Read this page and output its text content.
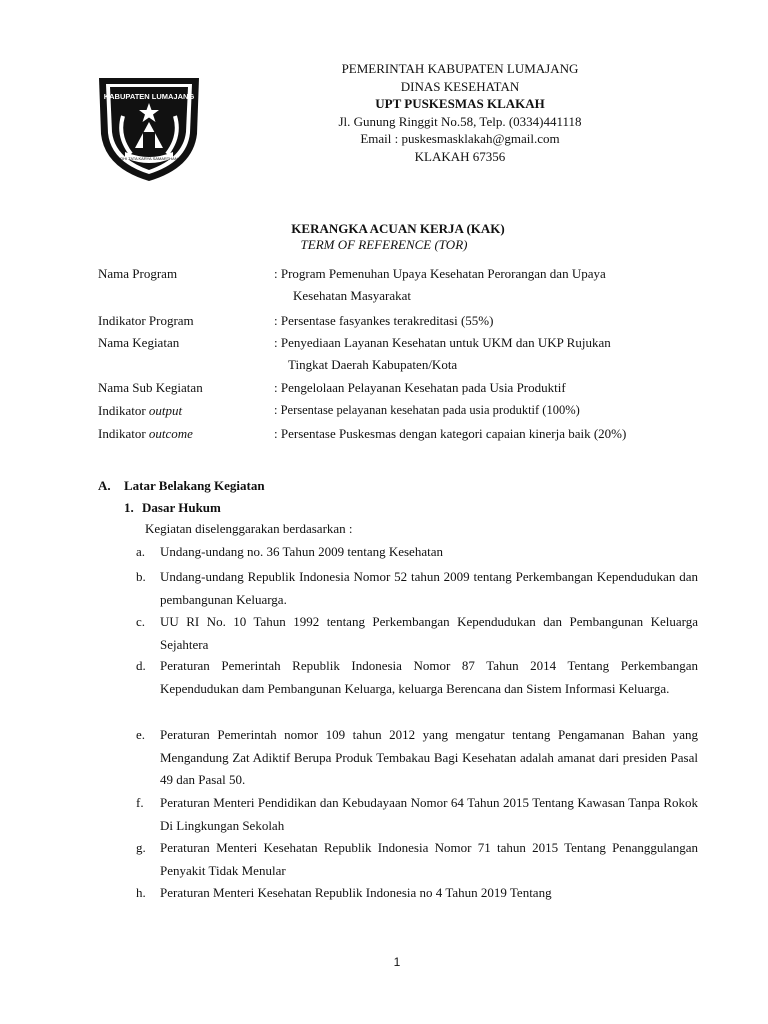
KABUPATEN LUMAJANG
ADHI TATA KARYA SAMARTHANA
PEMERINTAH KABUPATEN LUMAJANG
DINAS KESEHATAN
UPT PUSKESMAS KLAKAH
Jl. Gunung Ringgit No.58, Telp. (0334)441118
Email : puskesmasklakah@gmail.com
KLAKAH 67356
KERANGKA ACUAN KERJA (KAK)
TERM OF REFERENCE (TOR)
Nama Program	: Program Pemenuhan Upaya Kesehatan Perorangan dan Upaya
Kesehatan Masyarakat
Indikator Program	: Persentase fasyankes terakreditasi (55%)
Nama Kegiatan	: Penyediaan Layanan Kesehatan untuk UKM dan UKP Rujukan
Tingkat Daerah Kabupaten/Kota
Nama Sub Kegiatan	: Pengelolaan Pelayanan Kesehatan pada Usia Produktif
Indikator output	: Persentase pelayanan kesehatan pada usia produktif (100%)
Indikator outcome	: Persentase Puskesmas dengan kategori capaian kinerja baik (20%)
A. Latar Belakang Kegiatan
1. Dasar Hukum
Kegiatan diselenggarakan berdasarkan :
a. Undang-undang no. 36 Tahun 2009 tentang Kesehatan
b. Undang-undang Republik Indonesia Nomor 52 tahun 2009 tentang Perkembangan Kependudukan dan pembangunan Keluarga.
c. UU RI No. 10 Tahun 1992 tentang Perkembangan Kependudukan dan Pembangunan Keluarga Sejahtera
d. Peraturan Pemerintah Republik Indonesia Nomor 87 Tahun 2014 Tentang Perkembangan Kependudukan dam Pembangunan Keluarga, keluarga Berencana dan Sistem Informasi Keluarga.
e. Peraturan Pemerintah nomor 109 tahun 2012 yang mengatur tentang Pengamanan Bahan yang Mengandung Zat Adiktif Berupa Produk Tembakau Bagi Kesehatan adalah amanat dari presiden Pasal 49 dan Pasal 50.
f. Peraturan Menteri Pendidikan dan Kebudayaan Nomor 64 Tahun 2015 Tentang Kawasan Tanpa Rokok Di Lingkungan Sekolah
g. Peraturan Menteri Kesehatan Republik Indonesia Nomor 71 tahun 2015 Tentang Penanggulangan Penyakit Tidak Menular
h. Peraturan Menteri Kesehatan Republik Indonesia no 4 Tahun 2019 Tentang
1
